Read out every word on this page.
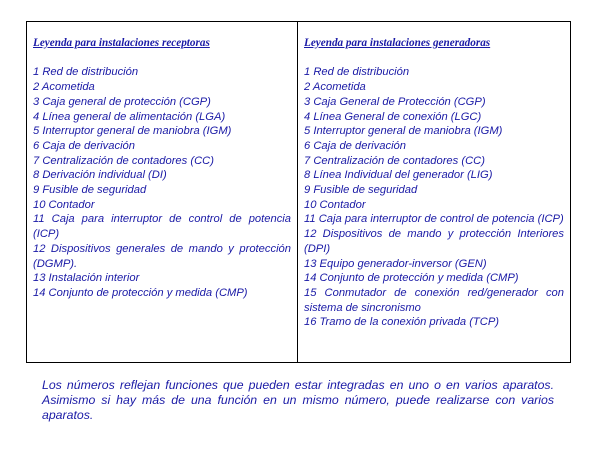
Leyenda para instalaciones receptoras
1 Red de distribución
2 Acometida
3 Caja general de protección (CGP)
4 Línea general de alimentación (LGA)
5 Interruptor general de maniobra (IGM)
6 Caja de derivación
7 Centralización de contadores (CC)
8 Derivación individual (DI)
9 Fusible de seguridad
10 Contador
11 Caja para interruptor de control de potencia (ICP)
12 Dispositivos generales de mando y protección (DGMP).
13 Instalación interior
14 Conjunto de protección y medida (CMP)
Leyenda para instalaciones generadoras
1 Red de distribución
2 Acometida
3 Caja General de Protección (CGP)
4 Línea General de conexión (LGC)
5 Interruptor general de maniobra (IGM)
6 Caja de derivación
7 Centralización de contadores (CC)
8 Línea Individual del generador (LIG)
9 Fusible de seguridad
10 Contador
11 Caja para interruptor de control de potencia (ICP)
12 Dispositivos de mando y protección Interiores (DPI)
13 Equipo generador-inversor (GEN)
14 Conjunto de protección y medida (CMP)
15 Conmutador de conexión red/generador con sistema de sincronismo
16 Tramo de la conexión privada (TCP)

Los números reflejan funciones que pueden estar integradas en uno o en varios aparatos. Asimismo si hay más de una función en un mismo número, puede realizarse con varios aparatos.
